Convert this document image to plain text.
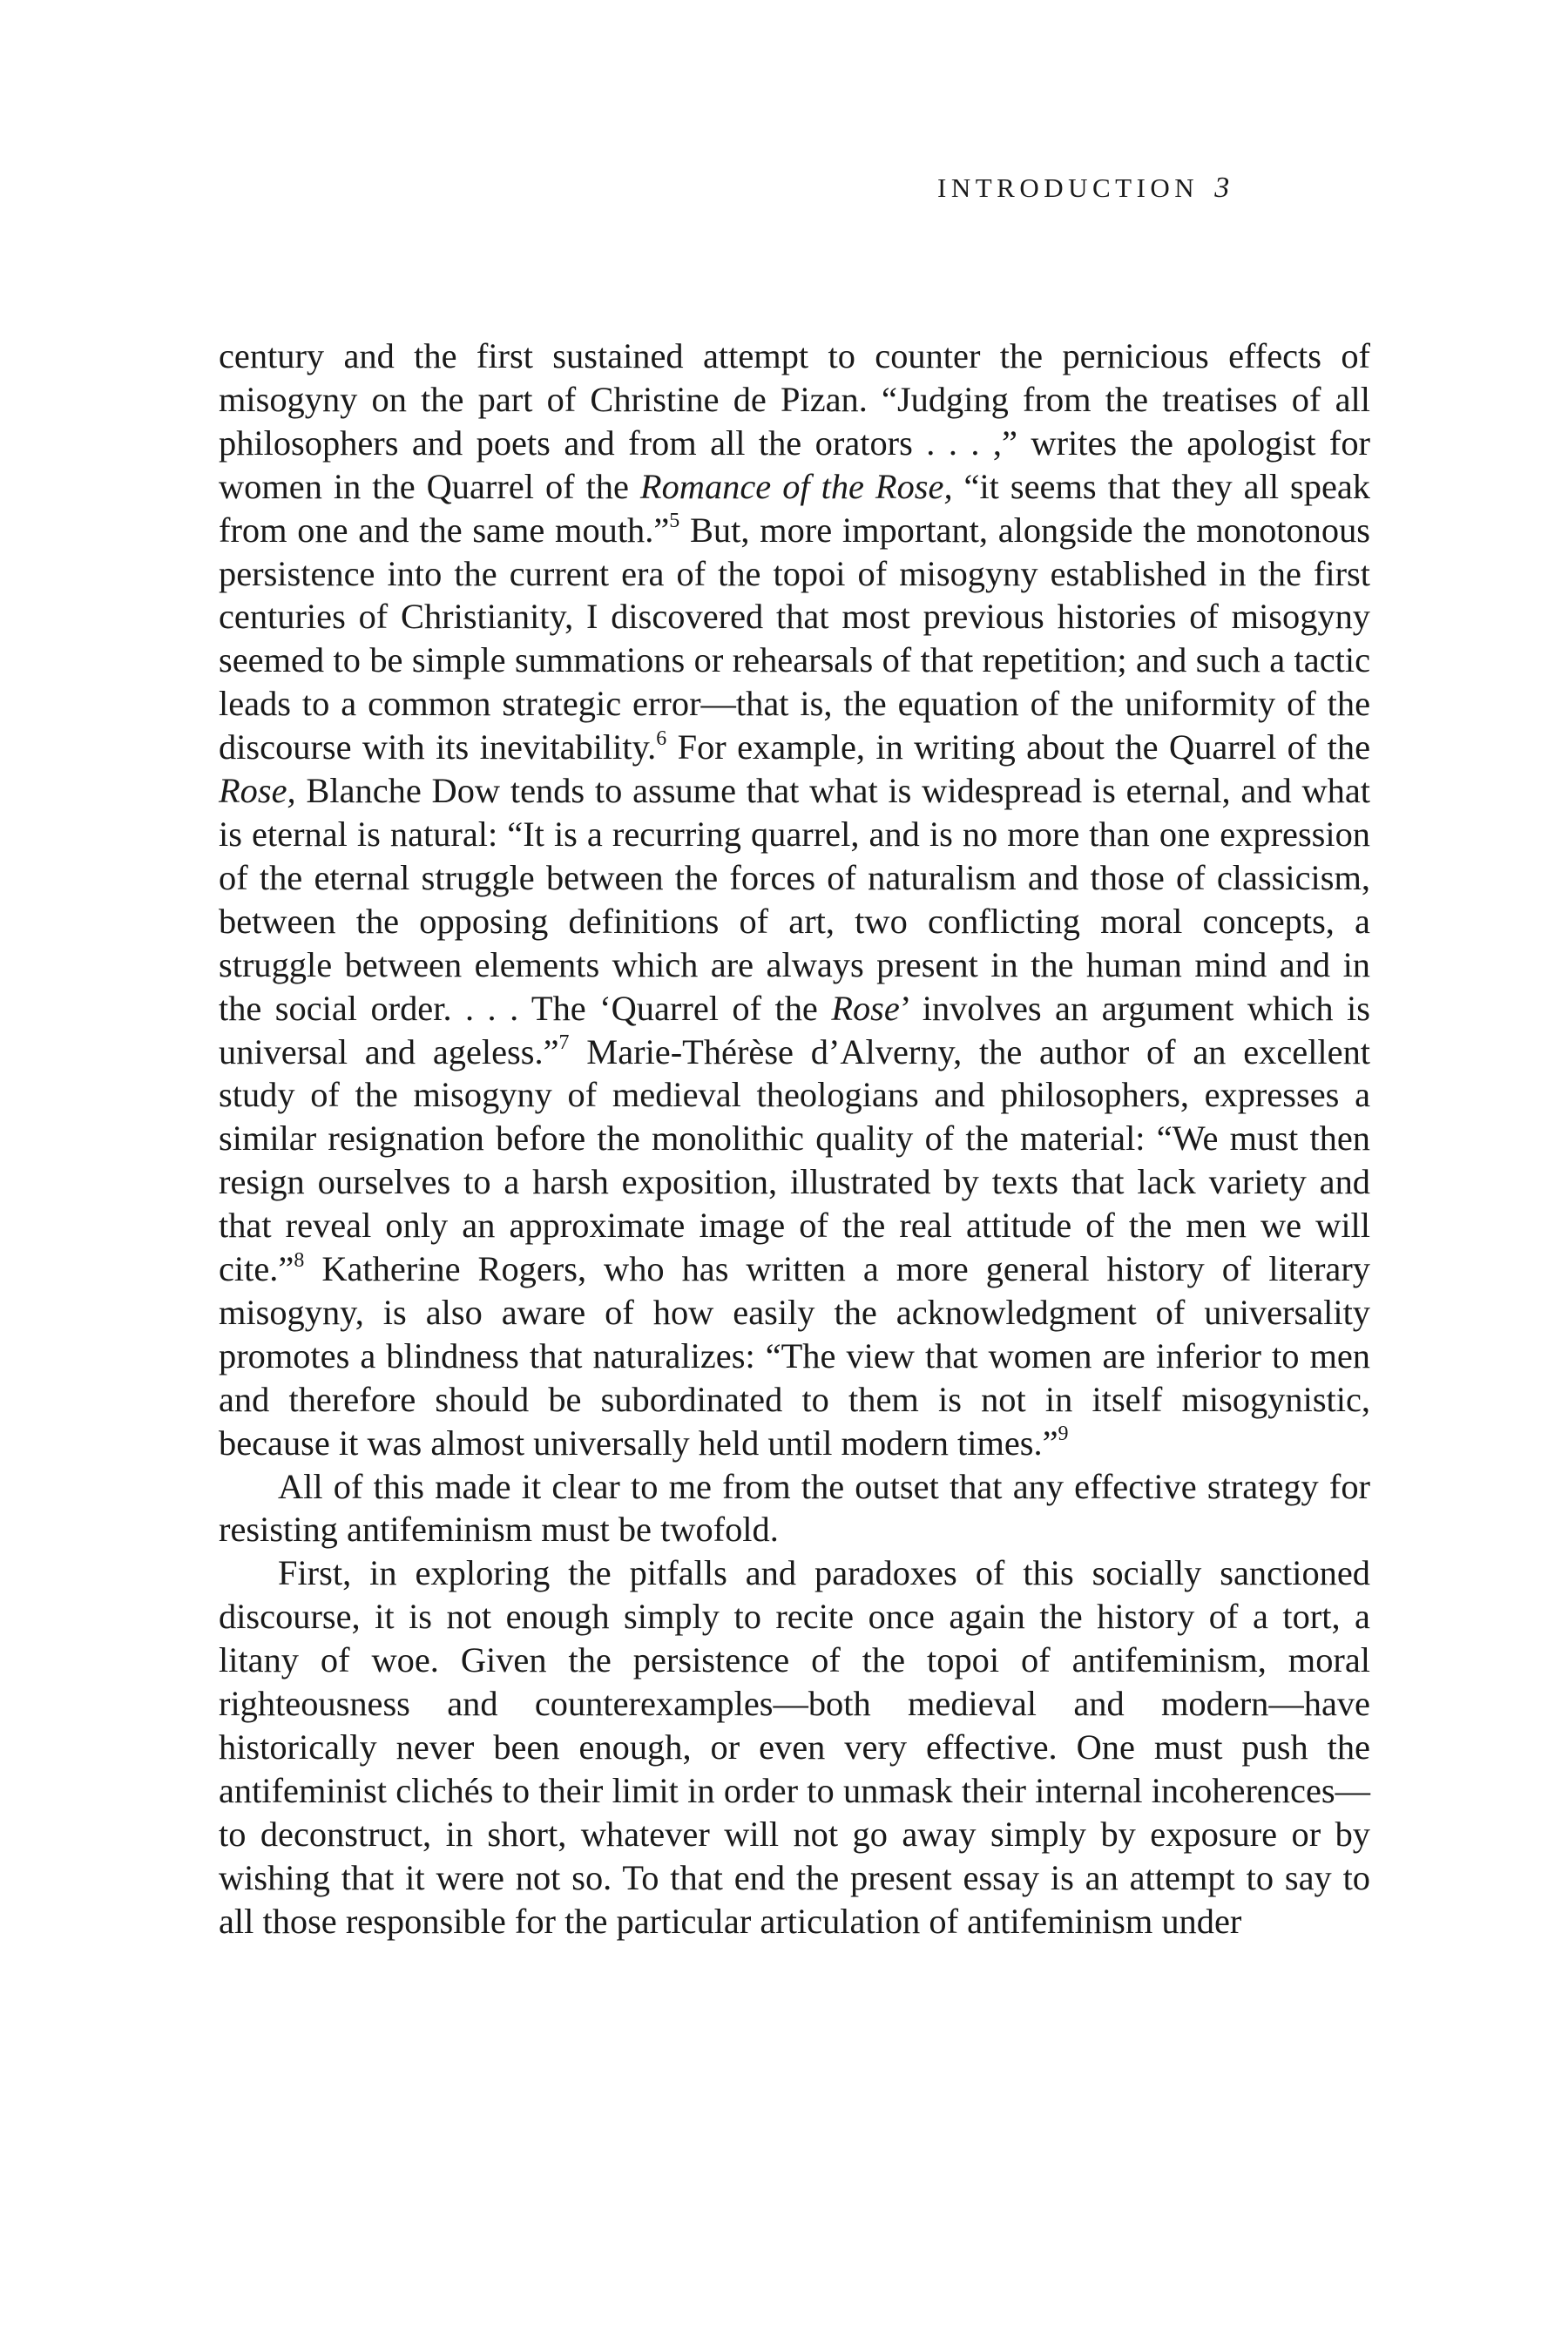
INTRODUCTION 3

century and the first sustained attempt to counter the pernicious effects of misogyny on the part of Christine de Pizan. “Judging from the treatises of all philosophers and poets and from all the orators . . . ,” writes the apologist for women in the Quarrel of the Romance of the Rose, “it seems that they all speak from one and the same mouth.”$^5$ But, more important, alongside the monotonous persistence into the current era of the topoi of misogyny established in the first centuries of Christianity, I discovered that most previous histories of misogyny seemed to be simple summations or rehearsals of that repetition; and such a tactic leads to a common strategic error—that is, the equation of the uniformity of the discourse with its inevitability.$^6$ For example, in writing about the Quarrel of the Rose, Blanche Dow tends to assume that what is widespread is eternal, and what is eternal is natural: “It is a recurring quarrel, and is no more than one expression of the eternal struggle between the forces of naturalism and those of classicism, between the opposing definitions of art, two conflicting moral concepts, a struggle between elements which are always present in the human mind and in the social order. . . . The ‘Quarrel of the Rose’ involves an argument which is universal and ageless.”$^7$ Marie-Thérèse d’Alverny, the author of an excellent study of the misogyny of medieval theologians and philosophers, expresses a similar resignation before the monolithic quality of the material: “We must then resign ourselves to a harsh exposition, illustrated by texts that lack variety and that reveal only an approximate image of the real attitude of the men we will cite.”$^8$ Katherine Rogers, who has written a more general history of literary misogyny, is also aware of how easily the acknowledgment of universality promotes a blindness that naturalizes: “The view that women are inferior to men and therefore should be subordinated to them is not in itself misogynistic, because it was almost universally held until modern times.”$^9$

All of this made it clear to me from the outset that any effective strategy for resisting antifeminism must be twofold.

First, in exploring the pitfalls and paradoxes of this socially sanctioned discourse, it is not enough simply to recite once again the history of a tort, a litany of woe. Given the persistence of the topoi of antifeminism, moral righteousness and counterexamples—both medieval and modern—have historically never been enough, or even very effective. One must push the antifeminist clichés to their limit in order to unmask their internal incoherences—to deconstruct, in short, whatever will not go away simply by exposure or by wishing that it were not so. To that end the present essay is an attempt to say to all those responsible for the particular articulation of antifeminism under
